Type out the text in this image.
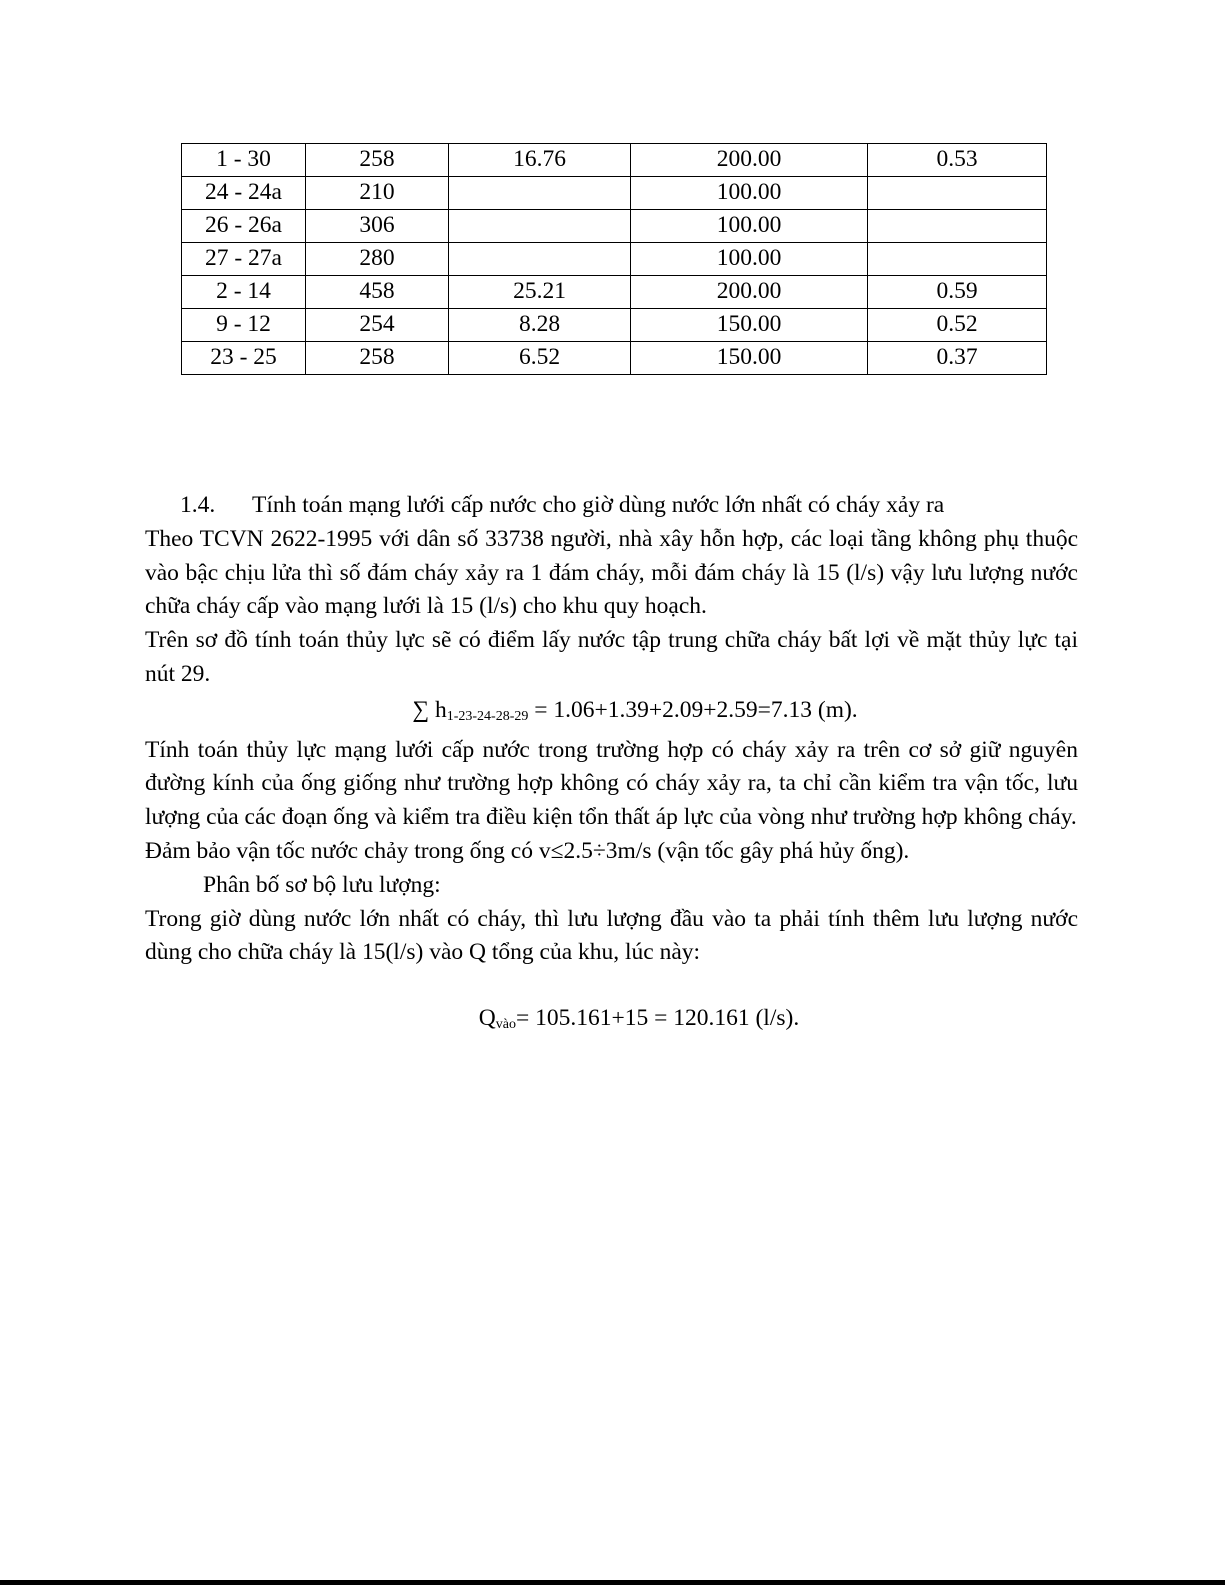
1 - 30	258	16.76	200.00	0.53
24 - 24a	210		100.00	
26 - 26a	306		100.00	
27 - 27a	280		100.00	
2 - 14	458	25.21	200.00	0.59
9 - 12	254	8.28	150.00	0.52
23 - 25	258	6.52	150.00	0.37

1.4. Tính toán mạng lưới cấp nước cho giờ dùng nước lớn nhất có cháy xảy ra

Theo TCVN 2622-1995 với dân số 33738 người, nhà xây hỗn hợp, các loại tầng không phụ thuộc vào bậc chịu lửa thì số đám cháy xảy ra 1 đám cháy, mỗi đám cháy là 15 (l/s) vậy lưu lượng nước chữa cháy cấp vào mạng lưới là 15 (l/s) cho khu quy hoạch.

Trên sơ đồ tính toán thủy lực sẽ có điểm lấy nước tập trung chữa cháy bất lợi về mặt thủy lực tại nút 29.

∑ $h_{1-23-24-28-29} = 1.06+1.39+2.09+2.59=7.13$ (m).

Tính toán thủy lực mạng lưới cấp nước trong trường hợp có cháy xảy ra trên cơ sở giữ nguyên đường kính của ống giống như trường hợp không có cháy xảy ra, ta chỉ cần kiểm tra vận tốc, lưu lượng của các đoạn ống và kiểm tra điều kiện tổn thất áp lực của vòng như trường hợp không cháy.

Đảm bảo vận tốc nước chảy trong ống có v≤2.5÷3m/s (vận tốc gây phá hủy ống).

Phân bố sơ bộ lưu lượng:

Trong giờ dùng nước lớn nhất có cháy, thì lưu lượng đầu vào ta phải tính thêm lưu lượng nước dùng cho chữa cháy là 15(l/s) vào Q tổng của khu, lúc này:

$Q_{vào}= 105.161+15 = 120.161$ (l/s).
